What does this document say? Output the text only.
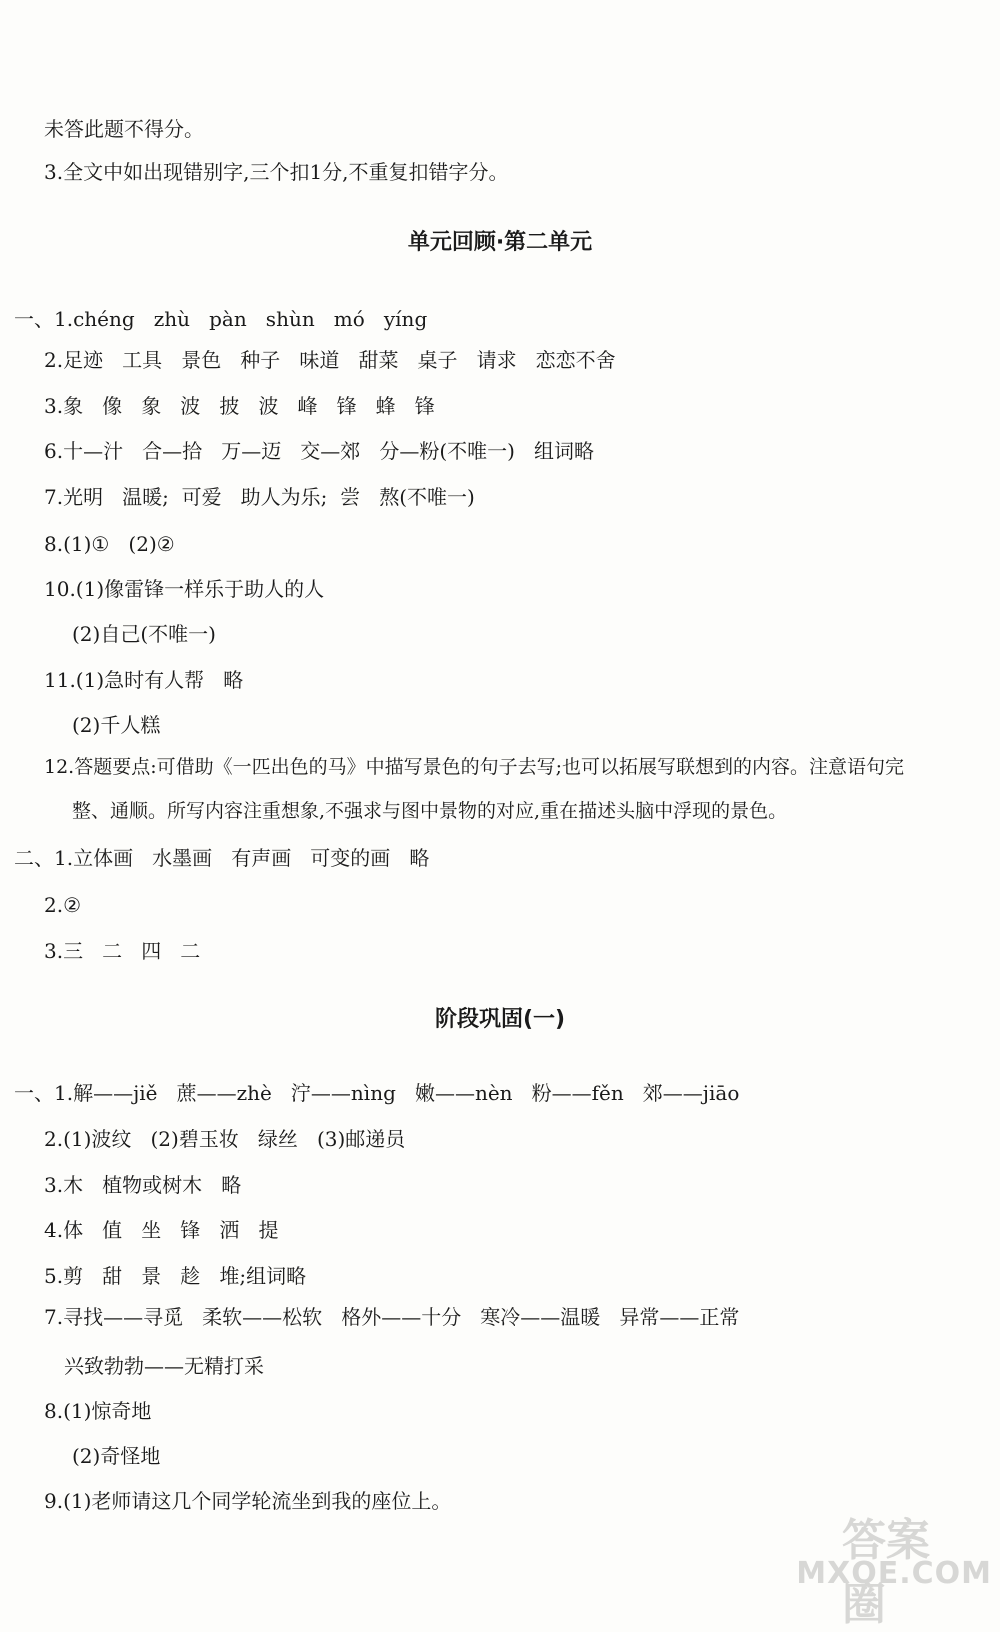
未答此题不得分。

3.全文中如出现错别字,三个扣1分,不重复扣错字分。

单元回顾·第二单元

一、1.chéng   zhù   pàn   shùn   mó   yíng

2.足迹   工具   景色   种子   味道   甜菜   桌子   请求   恋恋不舍

3.象   像   象   波   披   波   峰   锋   蜂   锋

6.十—汁   合—拾   万—迈   交—郊   分—粉(不唯一)   组词略

7.光明   温暖;  可爱   助人为乐;  尝   熬(不唯一)

8.(1)①   (2)②

10.(1)像雷锋一样乐于助人的人

(2)自己(不唯一)

11.(1)急时有人帮   略

(2)千人糕

12.答题要点:可借助《一匹出色的马》中描写景色的句子去写;也可以拓展写联想到的内容。注意语句完

整、通顺。所写内容注重想象,不强求与图中景物的对应,重在描述头脑中浮现的景色。

二、1.立体画   水墨画   有声画   可变的画   略

2.②

3.三   二   四   二

阶段巩固(一)

一、1.解——jiě   蔗——zhè   泞——nìng   嫩——nèn   粉——fěn   郊——jiāo

2.(1)波纹   (2)碧玉妆   绿丝   (3)邮递员

3.木   植物或树木   略

4.体   值   坐   锋   洒   提

5.剪   甜   景   趁   堆;组词略

7.寻找——寻觅   柔软——松软   格外——十分   寒冷——温暖   异常——正常

兴致勃勃——无精打采

8.(1)惊奇地

(2)奇怪地

9.(1)老师请这几个同学轮流坐到我的座位上。

答案圈
MXQE.COM
